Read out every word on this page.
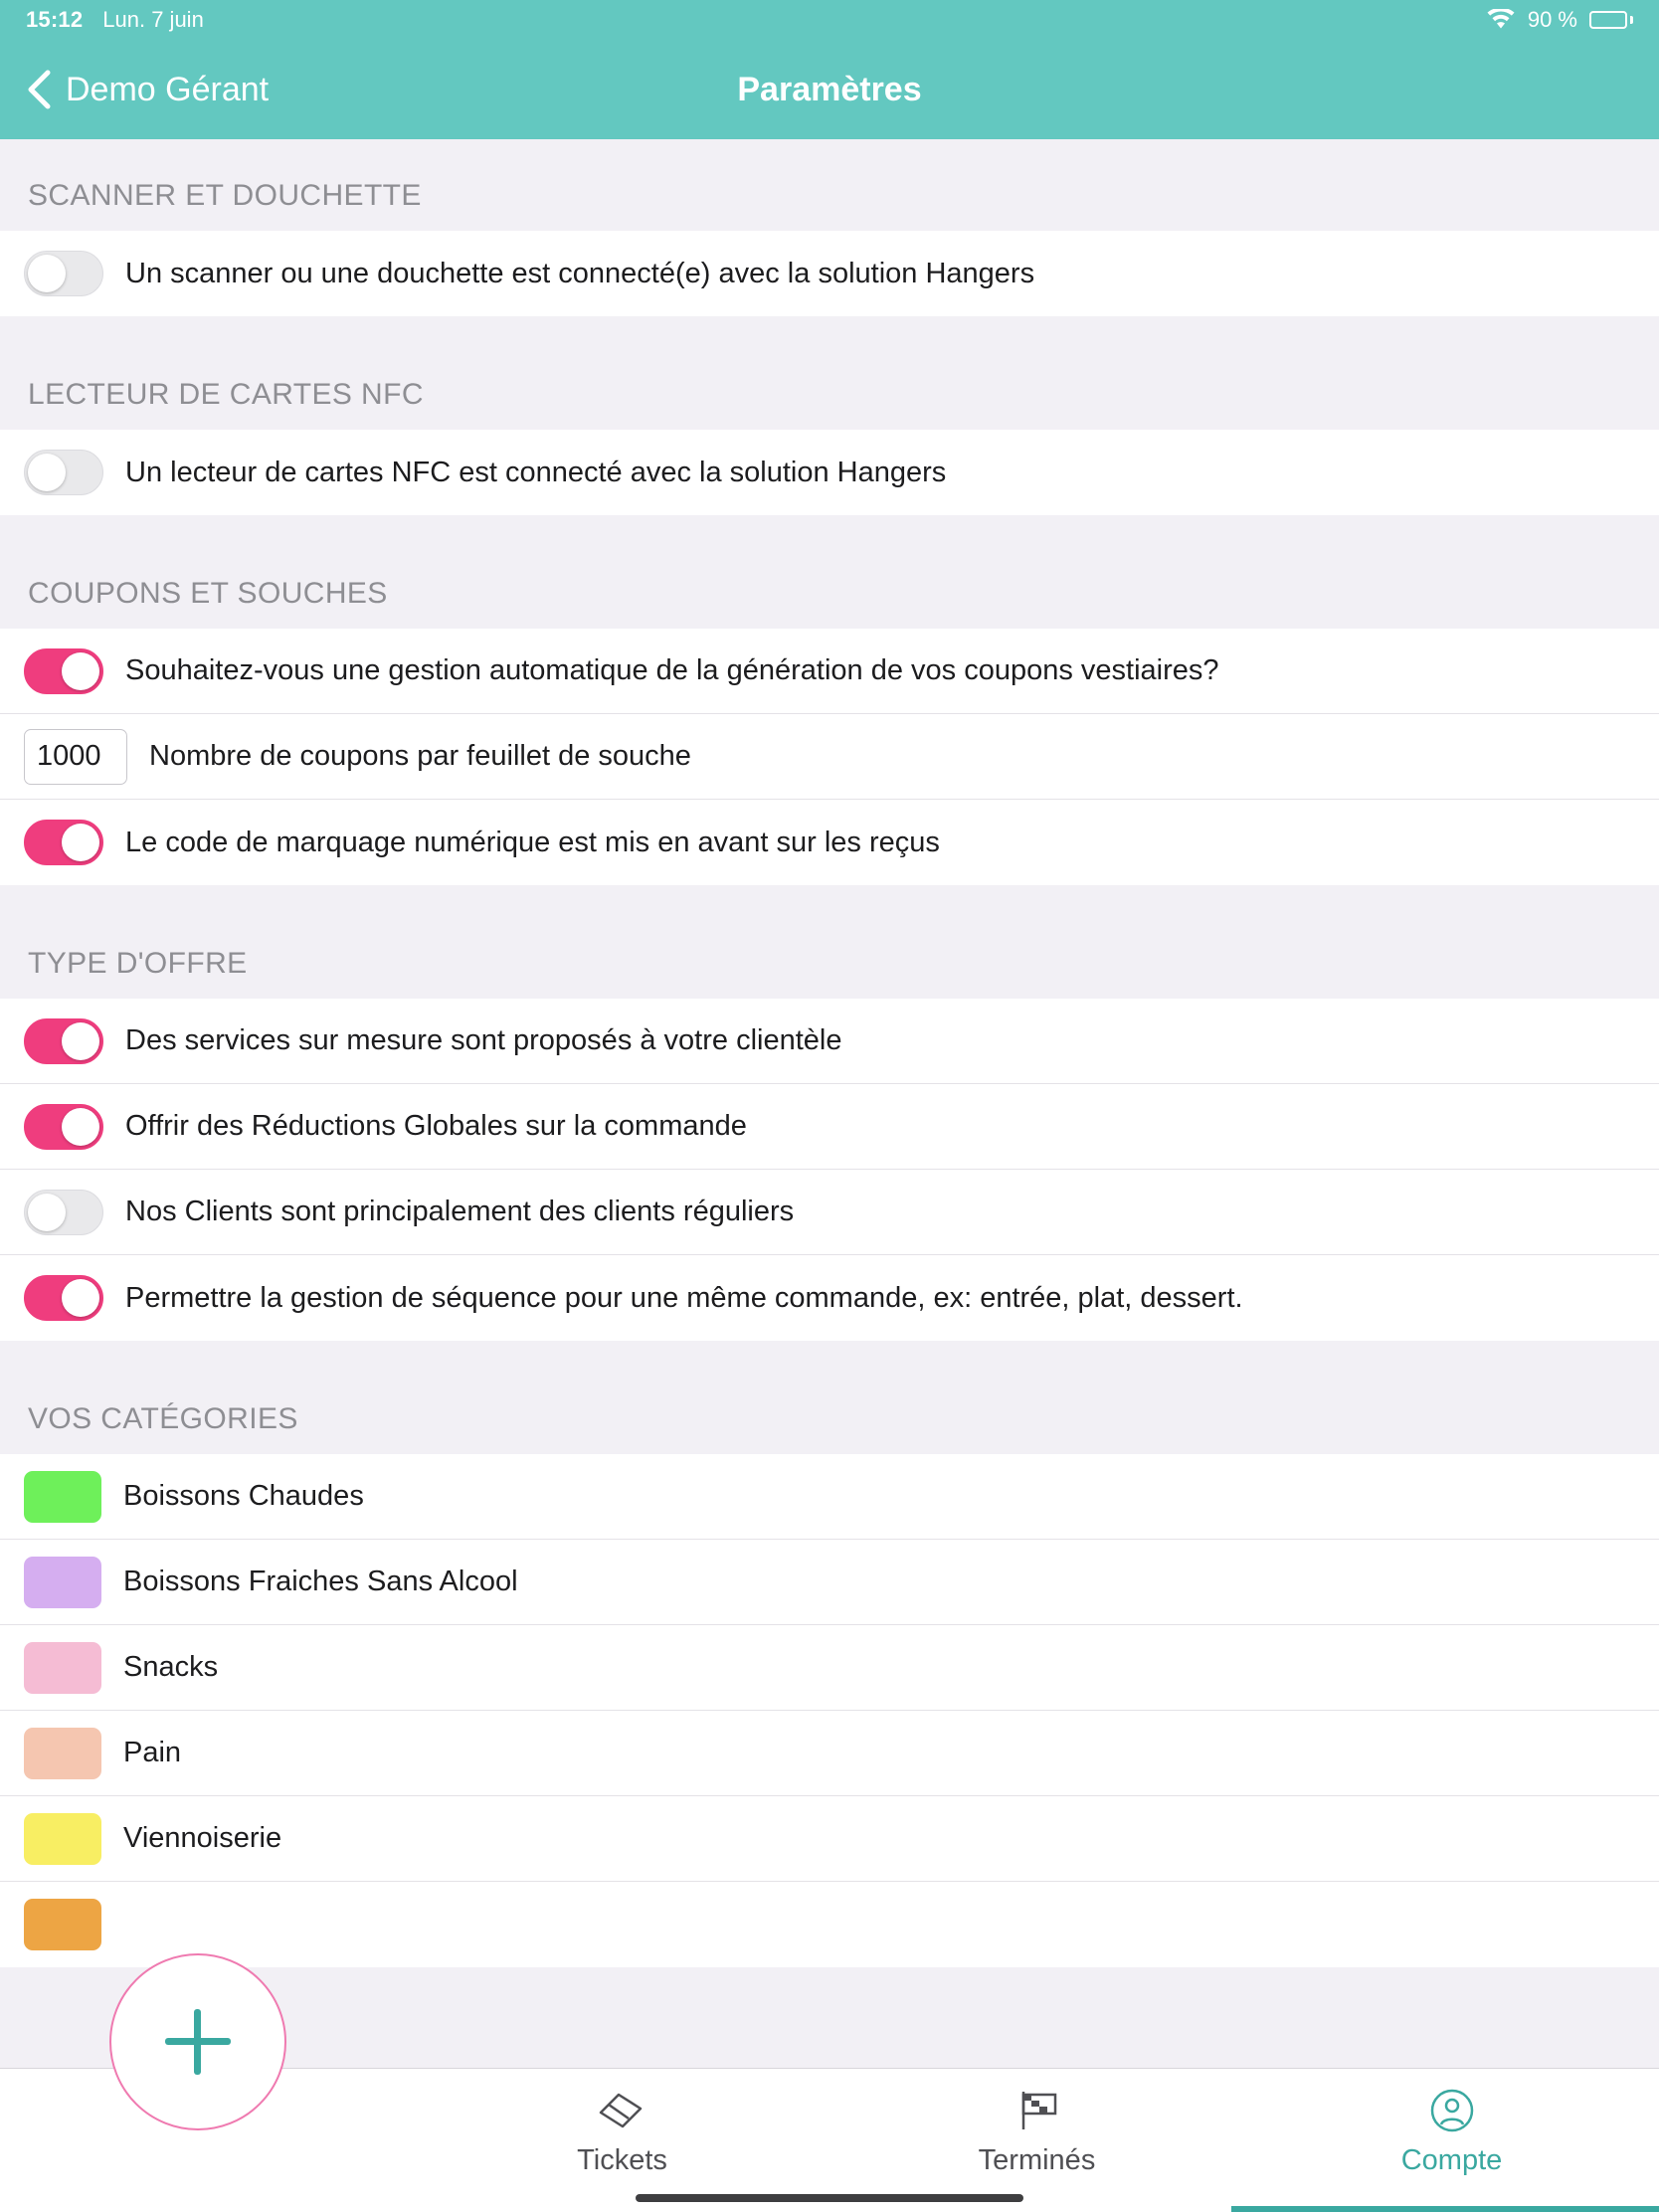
15:12 Lun. 7 juin	90 %
Demo Gérant	Paramètres
SCANNER ET DOUCHETTE
Un scanner ou une douchette est connecté(e) avec la solution Hangers
LECTEUR DE CARTES NFC
Un lecteur de cartes NFC est connecté avec la solution Hangers
COUPONS ET SOUCHES
Souhaitez-vous une gestion automatique de la génération de vos coupons vestiaires?
1000	Nombre de coupons par feuillet de souche
Le code de marquage numérique est mis en avant sur les reçus
TYPE D'OFFRE
Des services sur mesure sont proposés à votre clientèle
Offrir des Réductions Globales sur la commande
Nos Clients sont principalement des clients réguliers
Permettre la gestion de séquence pour une même commande, ex: entrée, plat, dessert.
VOS CATÉGORIES
Boissons Chaudes
Boissons Fraiches Sans Alcool
Snacks
Pain
Viennoiserie
Tickets	Terminés	Compte
